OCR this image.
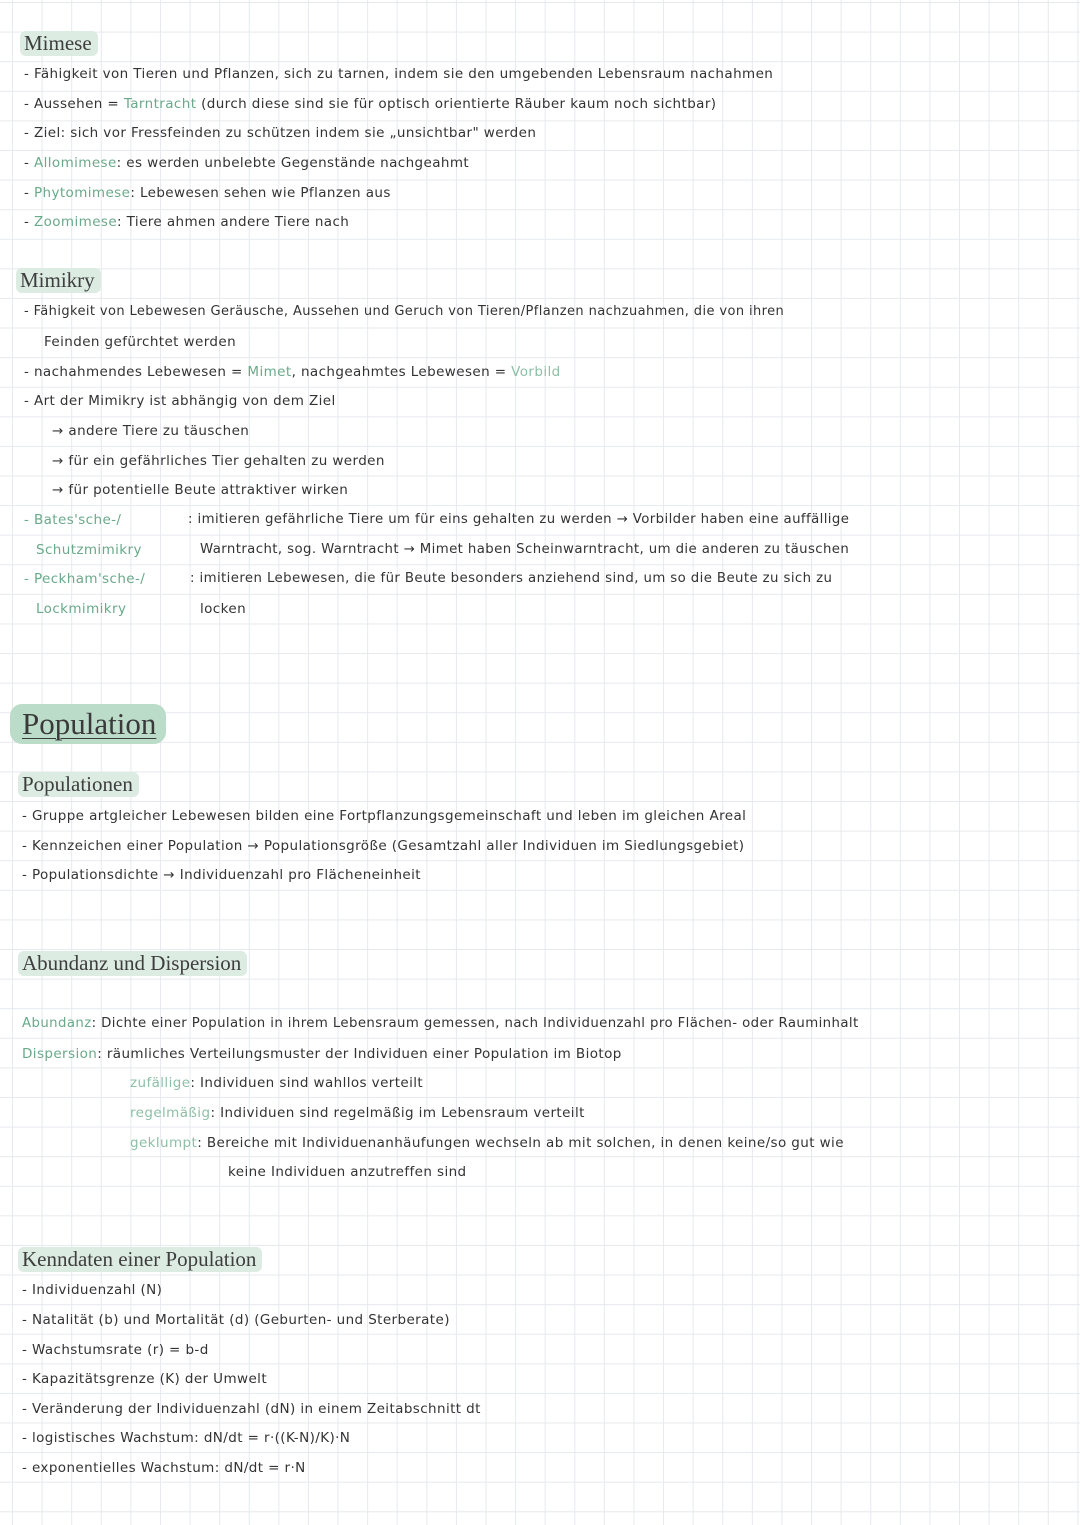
Mimese
- Fähigkeit von Tieren und Pflanzen, sich zu tarnen, indem sie den umgebenden Lebensraum nachahmen
- Aussehen = Tarntracht (durch diese sind sie für optisch orientierte Räuber kaum noch sichtbar)
- Ziel: sich vor Fressfeinden zu schützen indem sie „unsichtbar" werden
- Allomimese: es werden unbelebte Gegenstände nachgeahmt
- Phytomimese: Lebewesen sehen wie Pflanzen aus
- Zoomimese: Tiere ahmen andere Tiere nach
Mimikry
- Fähigkeit von Lebewesen Geräusche, Aussehen und Geruch von Tieren/Pflanzen nachzuahmen, die von ihren
Feinden gefürchtet werden
- nachahmendes Lebewesen = Mimet, nachgeahmtes Lebewesen = Vorbild
- Art der Mimikry ist abhängig von dem Ziel
→ andere Tiere zu täuschen
→ für ein gefährliches Tier gehalten zu werden
→ für potentielle Beute attraktiver wirken
- Bates'sche-/
Schutzmimikry
: imitieren gefährliche Tiere um für eins gehalten zu werden → Vorbilder haben eine auffällige
Warntracht, sog. Warntracht → Mimet haben Scheinwarntracht, um die anderen zu täuschen
- Peckham'sche-/
Lockmimikry
: imitieren Lebewesen, die für Beute besonders anziehend sind, um so die Beute zu sich zu
locken
Population
Populationen
- Gruppe artgleicher Lebewesen bilden eine Fortpflanzungsgemeinschaft und leben im gleichen Areal
- Kennzeichen einer Population → Populationsgröße (Gesamtzahl aller Individuen im Siedlungsgebiet)
- Populationsdichte → Individuenzahl pro Flächeneinheit
Abundanz und Dispersion
Abundanz: Dichte einer Population in ihrem Lebensraum gemessen, nach Individuenzahl pro Flächen- oder Rauminhalt
Dispersion: räumliches Verteilungsmuster der Individuen einer Population im Biotop
zufällige: Individuen sind wahllos verteilt
regelmäßig: Individuen sind regelmäßig im Lebensraum verteilt
geklumpt: Bereiche mit Individuenanhäufungen wechseln ab mit solchen, in denen keine/so gut wie
keine Individuen anzutreffen sind
Kenndaten einer Population
- Individuenzahl (N)
- Natalität (b) und Mortalität (d) (Geburten- und Sterberate)
- Wachstumsrate (r) = b-d
- Kapazitätsgrenze (K) der Umwelt
- Veränderung der Individuenzahl (dN) in einem Zeitabschnitt dt
- logistisches Wachstum: dN/dt = r·((K-N)/K)·N
- exponentielles Wachstum: dN/dt = r·N
